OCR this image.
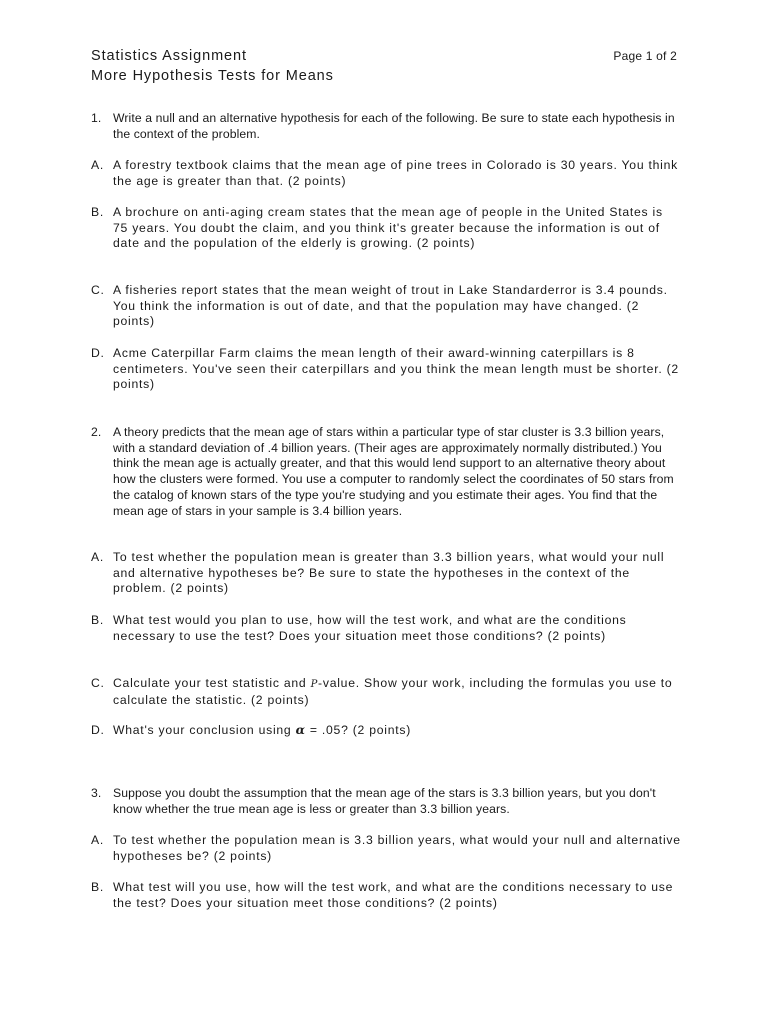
Statistics Assignment

More Hypothesis Tests for Means

Page 1 of 2
1. Write a null and an alternative hypothesis for each of the following. Be sure to state each hypothesis in the context of the problem.
A. A forestry textbook claims that the mean age of pine trees in Colorado is 30 years. You think the age is greater than that. (2 points)
B. A brochure on anti-aging cream states that the mean age of people in the United States is 75 years. You doubt the claim, and you think it's greater because the information is out of date and the population of the elderly is growing. (2 points)
C. A fisheries report states that the mean weight of trout in Lake Standarderror is 3.4 pounds. You think the information is out of date, and that the population may have changed. (2 points)
D. Acme Caterpillar Farm claims the mean length of their award-winning caterpillars is 8 centimeters. You've seen their caterpillars and you think the mean length must be shorter. (2 points)
2. A theory predicts that the mean age of stars within a particular type of star cluster is 3.3 billion years, with a standard deviation of .4 billion years. (Their ages are approximately normally distributed.) You think the mean age is actually greater, and that this would lend support to an alternative theory about how the clusters were formed. You use a computer to randomly select the coordinates of 50 stars from the catalog of known stars of the type you're studying and you estimate their ages. You find that the mean age of stars in your sample is 3.4 billion years.
A. To test whether the population mean is greater than 3.3 billion years, what would your null and alternative hypotheses be? Be sure to state the hypotheses in the context of the problem. (2 points)
B. What test would you plan to use, how will the test work, and what are the conditions necessary to use the test? Does your situation meet those conditions? (2 points)
C. Calculate your test statistic and P-value. Show your work, including the formulas you use to calculate the statistic. (2 points)
D. What's your conclusion using α = .05? (2 points)
3. Suppose you doubt the assumption that the mean age of the stars is 3.3 billion years, but you don't know whether the true mean age is less or greater than 3.3 billion years.
A. To test whether the population mean is 3.3 billion years, what would your null and alternative hypotheses be? (2 points)
B. What test will you use, how will the test work, and what are the conditions necessary to use the test? Does your situation meet those conditions? (2 points)
